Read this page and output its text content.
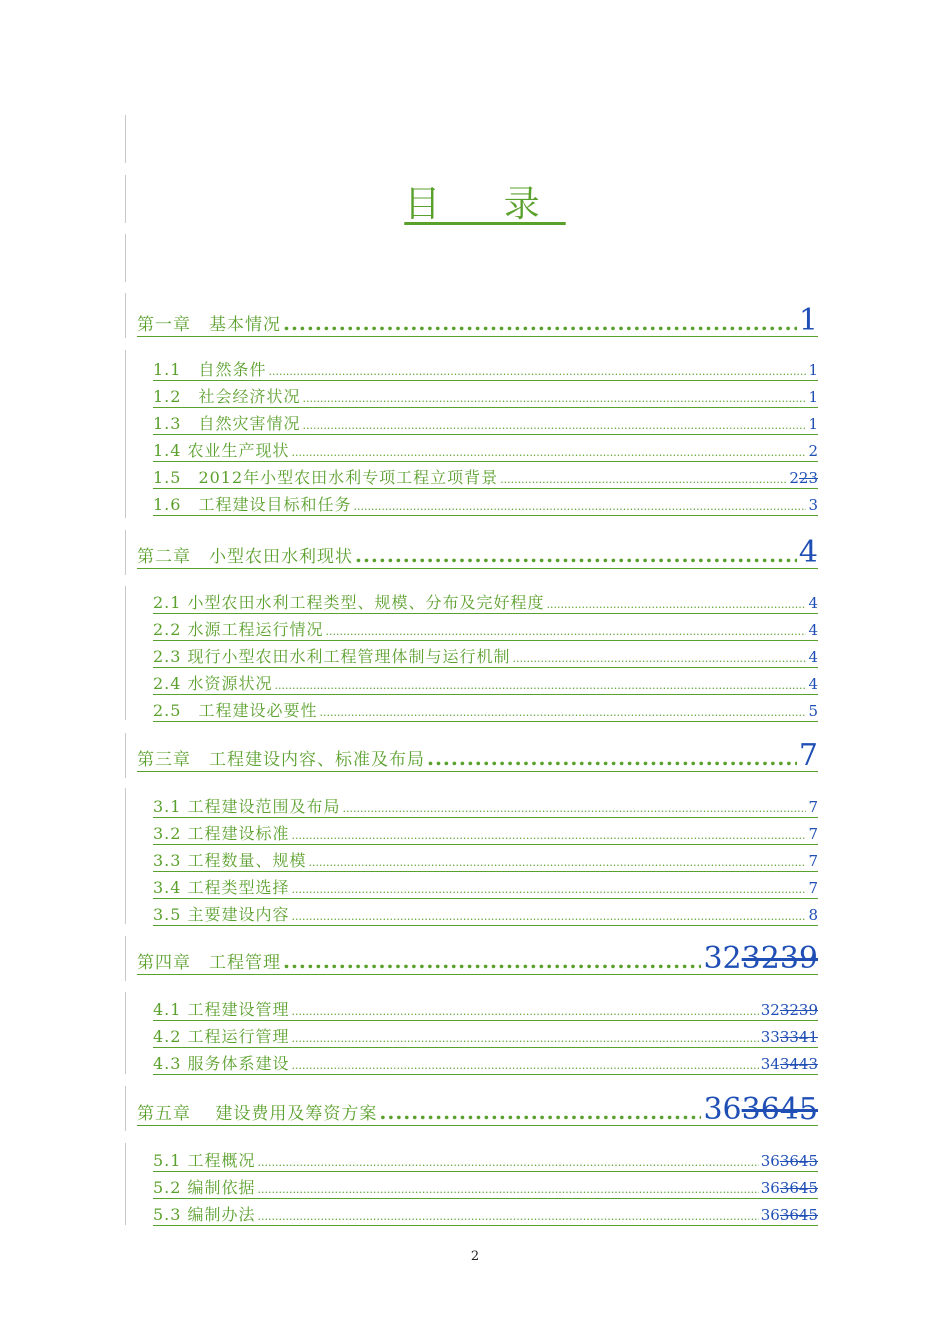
目 录
第一章　基本情况 .....	1
1.1　自然条件 .....	1
1.2　社会经济状况 .....	1
1.3　自然灾害情况 .....	1
1.4 农业生产现状 .....	2
1.5　2012年小型农田水利专项工程立项背景 .....	223
1.6　工程建设目标和任务 .....	3
第二章　小型农田水利现状 .....	4
2.1 小型农田水利工程类型、规模、分布及完好程度 .....	4
2.2 水源工程运行情况 .....	4
2.3 现行小型农田水利工程管理体制与运行机制 .....	4
2.4 水资源状况 .....	4
2.5　工程建设必要性 .....	5
第三章　工程建设内容、标准及布局 .....	7
3.1 工程建设范围及布局 .....	7
3.2 工程建设标准 .....	7
3.3 工程数量、规模 .....	7
3.4 工程类型选择 .....	7
3.5 主要建设内容 .....	8
第四章　工程管理 .....	323239
4.1 工程建设管理 .....	323239
4.2 工程运行管理 .....	333341
4.3 服务体系建设 .....	343443
第五章　 建设费用及筹资方案 .....	363645
5.1 工程概况 .....	363645
5.2 编制依据 .....	363645
5.3 编制办法 .....	363645
2
